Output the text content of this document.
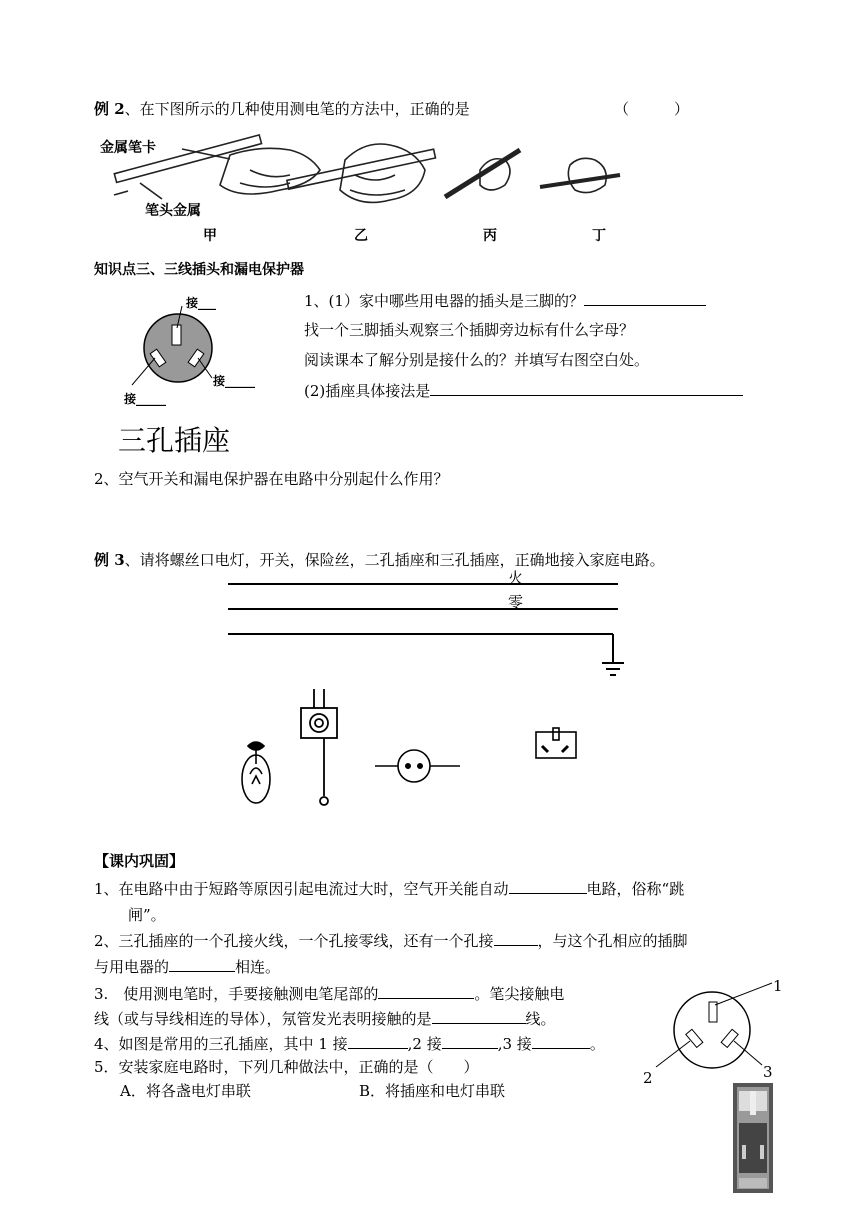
例 2、在下图所示的几种使用测电笔的方法中，正确的是	（　　　）
金属笔卡
笔头金属
甲	乙	丙	丁
知识点三、三线插头和漏电保护器
接___
接_____
接_____
1、(1）家中哪些用电器的插头是三脚的？
找一个三脚插头观察三个插脚旁边标有什么字母？
阅读课本了解分别是接什么的？并填写右图空白处。
(2)插座具体接法是
三孔插座
2、空气开关和漏电保护器在电路中分别起什么作用？
例 3、请将螺丝口电灯，开关，保险丝，二孔插座和三孔插座，正确地接入家庭电路。
火
零
【课内巩固】
1、在电路中由于短路等原因引起电流过大时，空气开关能自动	电路，俗称“跳
闸”。
2、三孔插座的一个孔接火线，一个孔接零线，还有一个孔接	，与这个孔相应的插脚
与用电器的	相连。
3.　使用测电笔时，手要接触测电笔尾部的	。笔尖接触电
线（或与导线相连的导体），氖管发光表明接触的是	线。
4、如图是常用的三孔插座，其中 1 接	,2 接	,3 接	。
5．安装家庭电路时，下列几种做法中，正确的是（　　）
A．将各盏电灯串联	B．将插座和电灯串联
1
2	3
